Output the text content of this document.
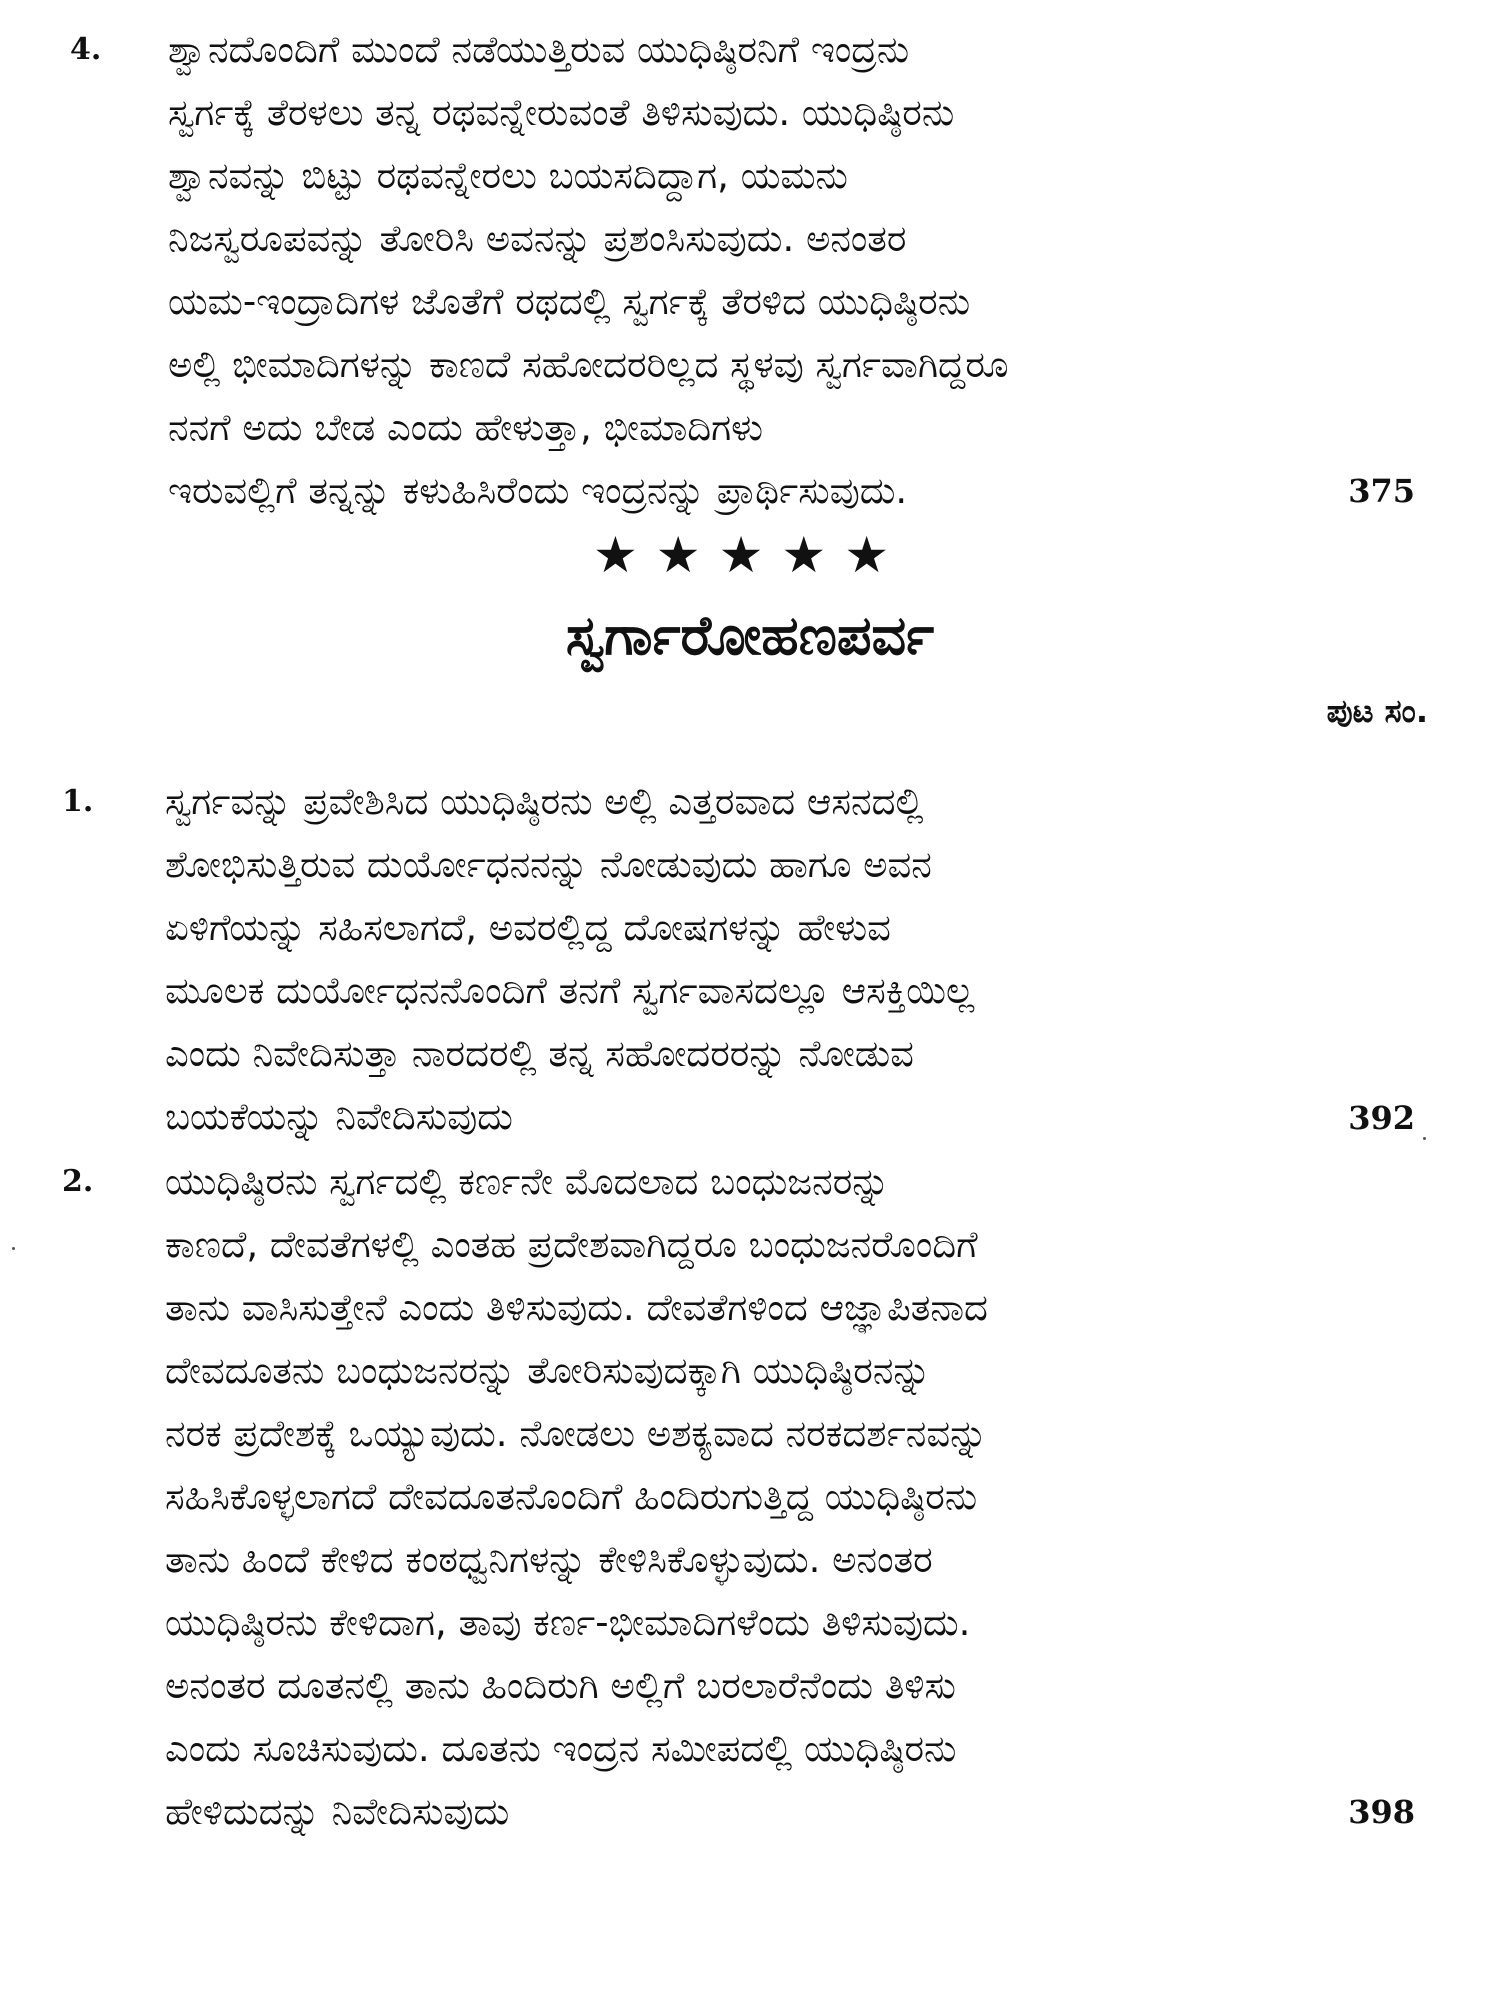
4. ಶ್ವಾನದೊಂದಿಗೆ ಮುಂದೆ ನಡೆಯುತ್ತಿರುವ ಯುಧಿಷ್ಠಿರನಿಗೆ ಇಂದ್ರನು
ಸ್ವರ್ಗಕ್ಕೆ ತೆರಳಲು ತನ್ನ ರಥವನ್ನೇರುವಂತೆ ತಿಳಿಸುವುದು. ಯುಧಿಷ್ಠಿರನು
ಶ್ವಾನವನ್ನು ಬಿಟ್ಟು ರಥವನ್ನೇರಲು ಬಯಸದಿದ್ದಾಗ, ಯಮನು
ನಿಜಸ್ವರೂಪವನ್ನು ತೋರಿಸಿ ಅವನನ್ನು ಪ್ರಶಂಸಿಸುವುದು. ಅನಂತರ
ಯಮ-ಇಂದ್ರಾದಿಗಳ ಜೊತೆಗೆ ರಥದಲ್ಲಿ ಸ್ವರ್ಗಕ್ಕೆ ತೆರಳಿದ ಯುಧಿಷ್ಠಿರನು
ಅಲ್ಲಿ ಭೀಮಾದಿಗಳನ್ನು ಕಾಣದೆ ಸಹೋದರರಿಲ್ಲದ ಸ್ಥಳವು ಸ್ವರ್ಗವಾಗಿದ್ದರೂ
ನನಗೆ ಅದು ಬೇಡ ಎಂದು ಹೇಳುತ್ತಾ, ಭೀಮಾದಿಗಳು
ಇರುವಲ್ಲಿಗೆ ತನ್ನನ್ನು ಕಳುಹಿಸಿರೆಂದು ಇಂದ್ರನನ್ನು ಪ್ರಾರ್ಥಿಸುವುದು.	375
★★★★★
ಸ್ವರ್ಗಾರೋಹಣಪರ್ವ
ಪುಟ ಸಂ.
1. ಸ್ವರ್ಗವನ್ನು ಪ್ರವೇಶಿಸಿದ ಯುಧಿಷ್ಠಿರನು ಅಲ್ಲಿ ಎತ್ತರವಾದ ಆಸನದಲ್ಲಿ
ಶೋಭಿಸುತ್ತಿರುವ ದುರ್ಯೋಧನನನ್ನು ನೋಡುವುದು ಹಾಗೂ ಅವನ
ಏಳಿಗೆಯನ್ನು ಸಹಿಸಲಾಗದೆ, ಅವರಲ್ಲಿದ್ದ ದೋಷಗಳನ್ನು ಹೇಳುವ
ಮೂಲಕ ದುರ್ಯೋಧನನೊಂದಿಗೆ ತನಗೆ ಸ್ವರ್ಗವಾಸದಲ್ಲೂ ಆಸಕ್ತಿಯಿಲ್ಲ
ಎಂದು ನಿವೇದಿಸುತ್ತಾ ನಾರದರಲ್ಲಿ ತನ್ನ ಸಹೋದರರನ್ನು ನೋಡುವ
ಬಯಕೆಯನ್ನು ನಿವೇದಿಸುವುದು	392
2. ಯುಧಿಷ್ಠಿರನು ಸ್ವರ್ಗದಲ್ಲಿ ಕರ್ಣನೇ ಮೊದಲಾದ ಬಂಧುಜನರನ್ನು
ಕಾಣದೆ, ದೇವತೆಗಳಲ್ಲಿ ಎಂತಹ ಪ್ರದೇಶವಾಗಿದ್ದರೂ ಬಂಧುಜನರೊಂದಿಗೆ
ತಾನು ವಾಸಿಸುತ್ತೇನೆ ಎಂದು ತಿಳಿಸುವುದು. ದೇವತೆಗಳಿಂದ ಆಜ್ಞಾಪಿತನಾದ
ದೇವದೂತನು ಬಂಧುಜನರನ್ನು ತೋರಿಸುವುದಕ್ಕಾಗಿ ಯುಧಿಷ್ಠಿರನನ್ನು
ನರಕ ಪ್ರದೇಶಕ್ಕೆ ಒಯ್ಯುವುದು. ನೋಡಲು ಅಶಕ್ಯವಾದ ನರಕದರ್ಶನವನ್ನು
ಸಹಿಸಿಕೊಳ್ಳಲಾಗದೆ ದೇವದೂತನೊಂದಿಗೆ ಹಿಂದಿರುಗುತ್ತಿದ್ದ ಯುಧಿಷ್ಠಿರನು
ತಾನು ಹಿಂದೆ ಕೇಳಿದ ಕಂಠಧ್ವನಿಗಳನ್ನು ಕೇಳಿಸಿಕೊಳ್ಳುವುದು. ಅನಂತರ
ಯುಧಿಷ್ಠಿರನು ಕೇಳಿದಾಗ, ತಾವು ಕರ್ಣ-ಭೀಮಾದಿಗಳೆಂದು ತಿಳಿಸುವುದು.
ಅನಂತರ ದೂತನಲ್ಲಿ ತಾನು ಹಿಂದಿರುಗಿ ಅಲ್ಲಿಗೆ ಬರಲಾರೆನೆಂದು ತಿಳಿಸು
ಎಂದು ಸೂಚಿಸುವುದು. ದೂತನು ಇಂದ್ರನ ಸಮೀಪದಲ್ಲಿ ಯುಧಿಷ್ಠಿರನು
ಹೇಳಿದುದನ್ನು ನಿವೇದಿಸುವುದು	398
